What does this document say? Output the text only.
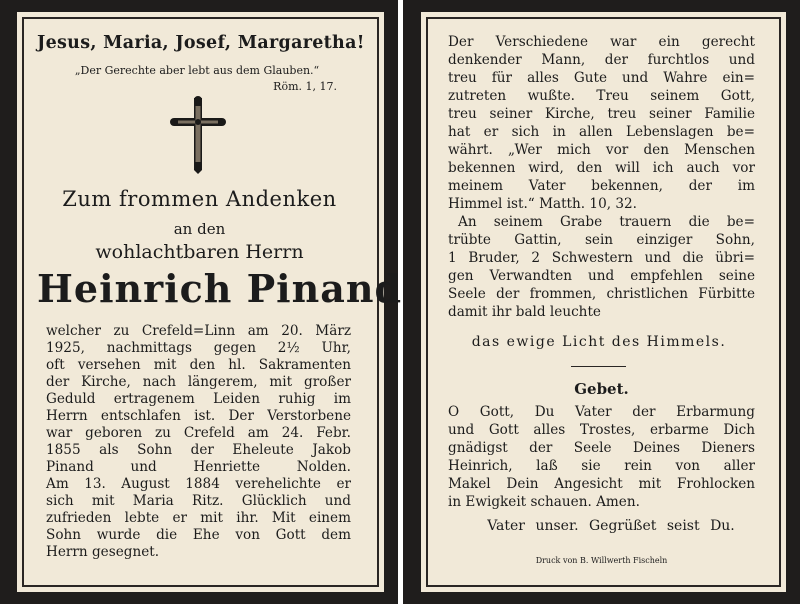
Jesus, Maria, Josef, Margaretha!
„Der Gerechte aber lebt aus dem Glauben.“
Röm. 1, 17.
Zum frommen Andenken
an den
wohlachtbaren Herrn
Heinrich Pinand
welcher zu Crefeld=Linn am 20. März
1925, nachmittags gegen 2½ Uhr,
oft versehen mit den hl. Sakramenten
der Kirche, nach längerem, mit großer
Geduld ertragenem Leiden ruhig im
Herrn entschlafen ist. Der Verstorbene
war geboren zu Crefeld am 24. Febr.
1855 als Sohn der Eheleute Jakob
Pinand und Henriette Nolden.
Am 13. August 1884 verehelichte er
sich mit Maria Ritz. Glücklich und
zufrieden lebte er mit ihr. Mit einem
Sohn wurde die Ehe von Gott dem
Herrn gesegnet.
Der Verschiedene war ein gerecht
denkender Mann, der furchtlos und
treu für alles Gute und Wahre ein=
zutreten wußte. Treu seinem Gott,
treu seiner Kirche, treu seiner Familie
hat er sich in allen Lebenslagen be=
währt. „Wer mich vor den Menschen
bekennen wird, den will ich auch vor
meinem Vater bekennen, der im
Himmel ist.“ Matth. 10, 32.
An seinem Grabe trauern die be=
trübte Gattin, sein einziger Sohn,
1 Bruder, 2 Schwestern und die übri=
gen Verwandten und empfehlen seine
Seele der frommen, christlichen Fürbitte
damit ihr bald leuchte
das ewige Licht des Himmels.
Gebet.
O Gott, Du Vater der Erbarmung
und Gott alles Trostes, erbarme Dich
gnädigst der Seele Deines Dieners
Heinrich, laß sie rein von aller
Makel Dein Angesicht mit Frohlocken
in Ewigkeit schauen. Amen.
Vater unser. Gegrüßet seist Du.
Druck von B. Willwerth Fischeln
